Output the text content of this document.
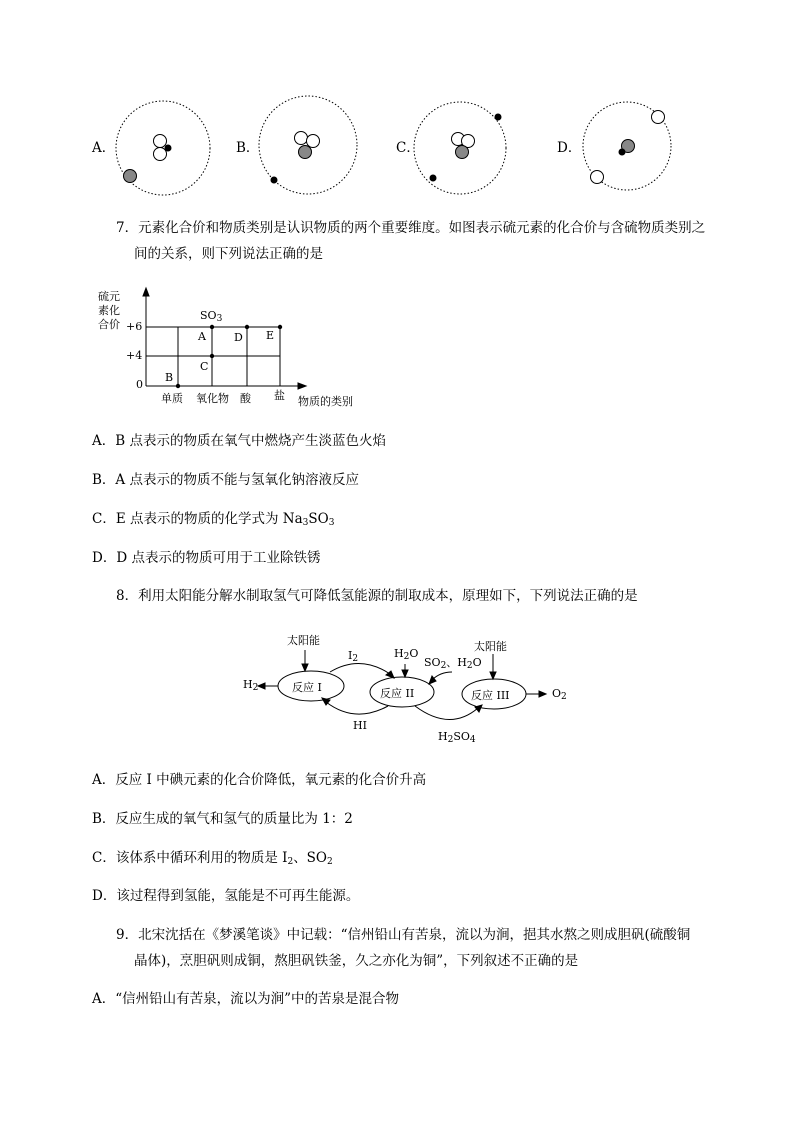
A．	B．	C．	D．
7．元素化合价和物质类别是认识物质的两个重要维度。如图表示硫元素的化合价与含硫物质类别之
间的关系，则下列说法正确的是
硫元
素化
合价 +6
+4
0
$SO_3$
A	D E
C
B
单质 氧化物 酸 盐 物质的类别
A．B 点表示的物质在氧气中燃烧产生淡蓝色火焰
B．A 点表示的物质不能与氢氧化钠溶液反应
C．E 点表示的物质的化学式为 $Na_3SO_3$
D．D 点表示的物质可用于工业除铁锈
8．利用太阳能分解水制取氢气可降低氢能源的制取成本，原理如下，下列说法正确的是
太阳能	太阳能
$I_2$	$H_2O$
$SO_2$、$H_2O$
$H_2$	反应 I	反应 II	反应 III	$O_2$
HI
$H_2SO_4$
A．反应 I 中碘元素的化合价降低，氧元素的化合价升高
B．反应生成的氧气和氢气的质量比为 1：2
C．该体系中循环利用的物质是 $I_2$、$SO_2$
D．该过程得到氢能，氢能是不可再生能源。
9．北宋沈括在《梦溪笔谈》中记载：“信州铅山有苦泉，流以为涧，挹其水熬之则成胆矾(硫酸铜
晶体)，烹胆矾则成铜，熬胆矾铁釜，久之亦化为铜”，下列叙述不正确的是
A．“信州铅山有苦泉，流以为涧”中的苦泉是混合物
